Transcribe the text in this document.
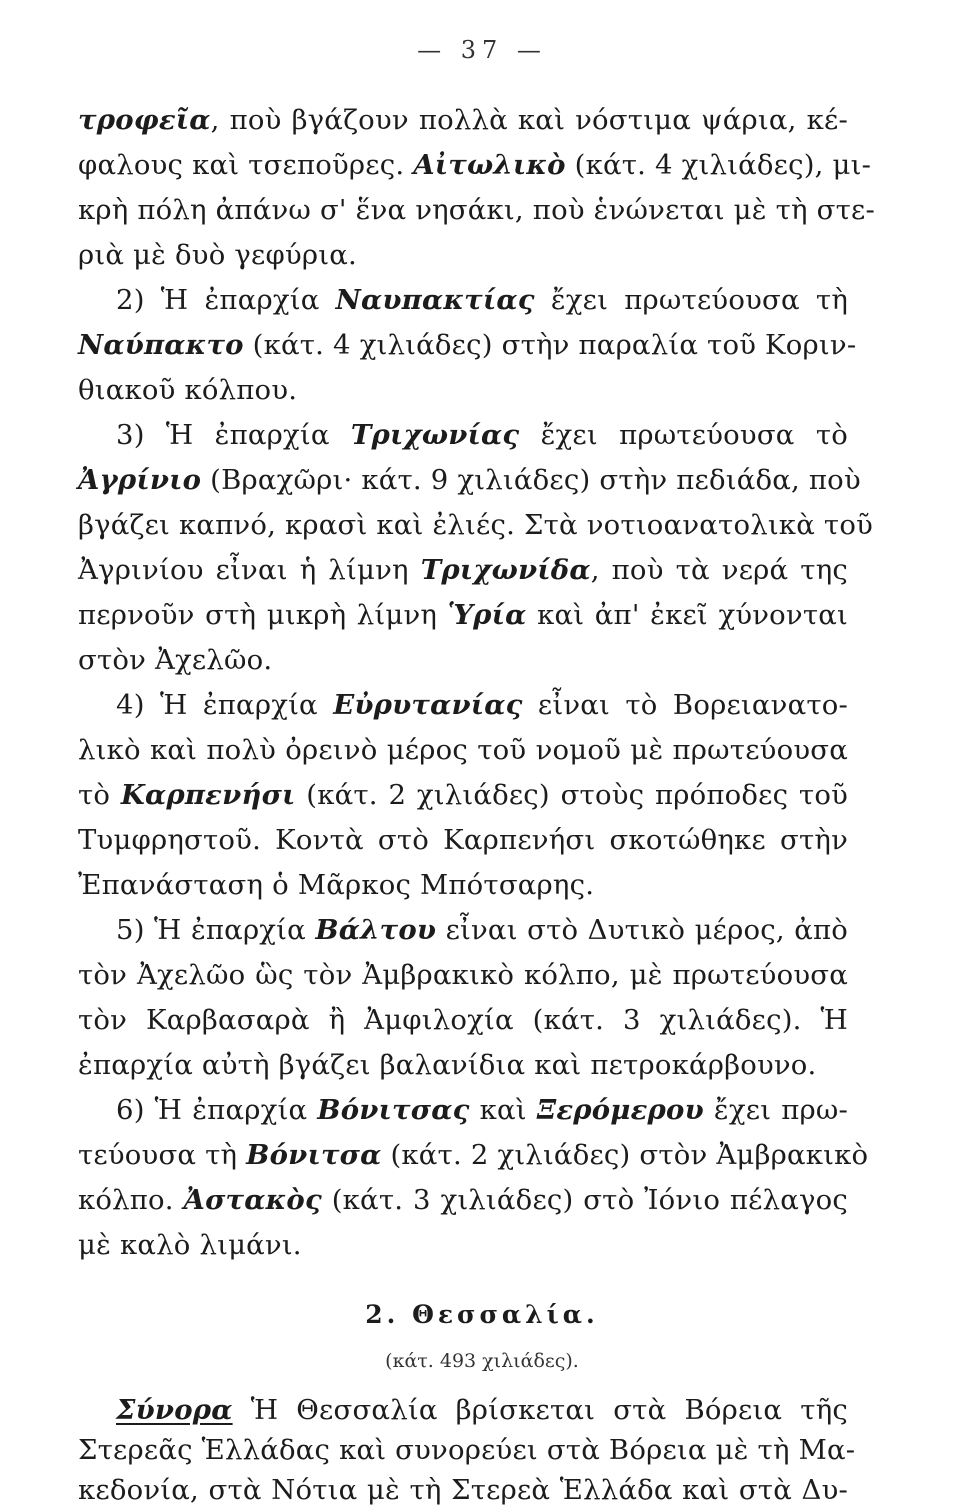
— 37 —
τροφεῖα, ποὺ βγάζουν πολλὰ καὶ νόστιμα ψάρια, κέ-
φαλους καὶ τσεποῦρες. Αἰτωλικὸ (κάτ. 4 χιλιάδες), μι-
κρὴ πόλη ἀπάνω σ' ἕνα νησάκι, ποὺ ἑνώνεται μὲ τὴ στε-
ριὰ μὲ δυὸ γεφύρια.
2) Ἡ ἐπαρχία Ναυπακτίας ἔχει πρωτεύουσα τὴ
Ναύπακτο (κάτ. 4 χιλιάδες) στὴν παραλία τοῦ Κοριν-
θιακοῦ κόλπου.
3) Ἡ ἐπαρχία Τριχωνίας ἔχει πρωτεύουσα τὸ
Ἀγρίνιο (Βραχῶρι· κάτ. 9 χιλιάδες) στὴν πεδιάδα, ποὺ
βγάζει καπνό, κρασὶ καὶ ἐλιές. Στὰ νοτιοανατολικὰ τοῦ
Ἀγρινίου εἶναι ἡ λίμνη Τριχωνίδα, ποὺ τὰ νερά της
περνοῦν στὴ μικρὴ λίμνη Ὑρία καὶ ἀπ' ἐκεῖ χύνονται
στὸν Ἀχελῶο.
4) Ἡ ἐπαρχία Εὐρυτανίας εἶναι τὸ Βορειανατο-
λικὸ καὶ πολὺ ὀρεινὸ μέρος τοῦ νομοῦ μὲ πρωτεύουσα
τὸ Καρπενήσι (κάτ. 2 χιλιάδες) στοὺς πρόποδες τοῦ
Τυμφρηστοῦ. Κοντὰ στὸ Καρπενήσι σκοτώθηκε στὴν
Ἐπανάσταση ὁ Μᾶρκος Μπότσαρης.
5) Ἡ ἐπαρχία Βάλτου εἶναι στὸ Δυτικὸ μέρος, ἀπὸ
τὸν Ἀχελῶο ὣς τὸν Ἀμβρακικὸ κόλπο, μὲ πρωτεύουσα
τὸν Καρβασαρὰ ἢ Ἀμφιλοχία (κάτ. 3 χιλιάδες). Ἡ
ἐπαρχία αὐτὴ βγάζει βαλανίδια καὶ πετροκάρβουνο.
6) Ἡ ἐπαρχία Βόνιτσας καὶ Ξερόμερου ἔχει πρω-
τεύουσα τὴ Βόνιτσα (κάτ. 2 χιλιάδες) στὸν Ἀμβρακικὸ
κόλπο. Ἀστακὸς (κάτ. 3 χιλιάδες) στὸ Ἰόνιο πέλαγος
μὲ καλὸ λιμάνι.
2. Θεσσαλία.
(κάτ. 493 χιλιάδες).
Σύνορα Ἡ Θεσσαλία βρίσκεται στὰ Βόρεια τῆς
Στερεᾶς Ἑλλάδας καὶ συνορεύει στὰ Βόρεια μὲ τὴ Μα-
κεδονία, στὰ Νότια μὲ τὴ Στερεὰ Ἑλλάδα καὶ στὰ Δυ-
